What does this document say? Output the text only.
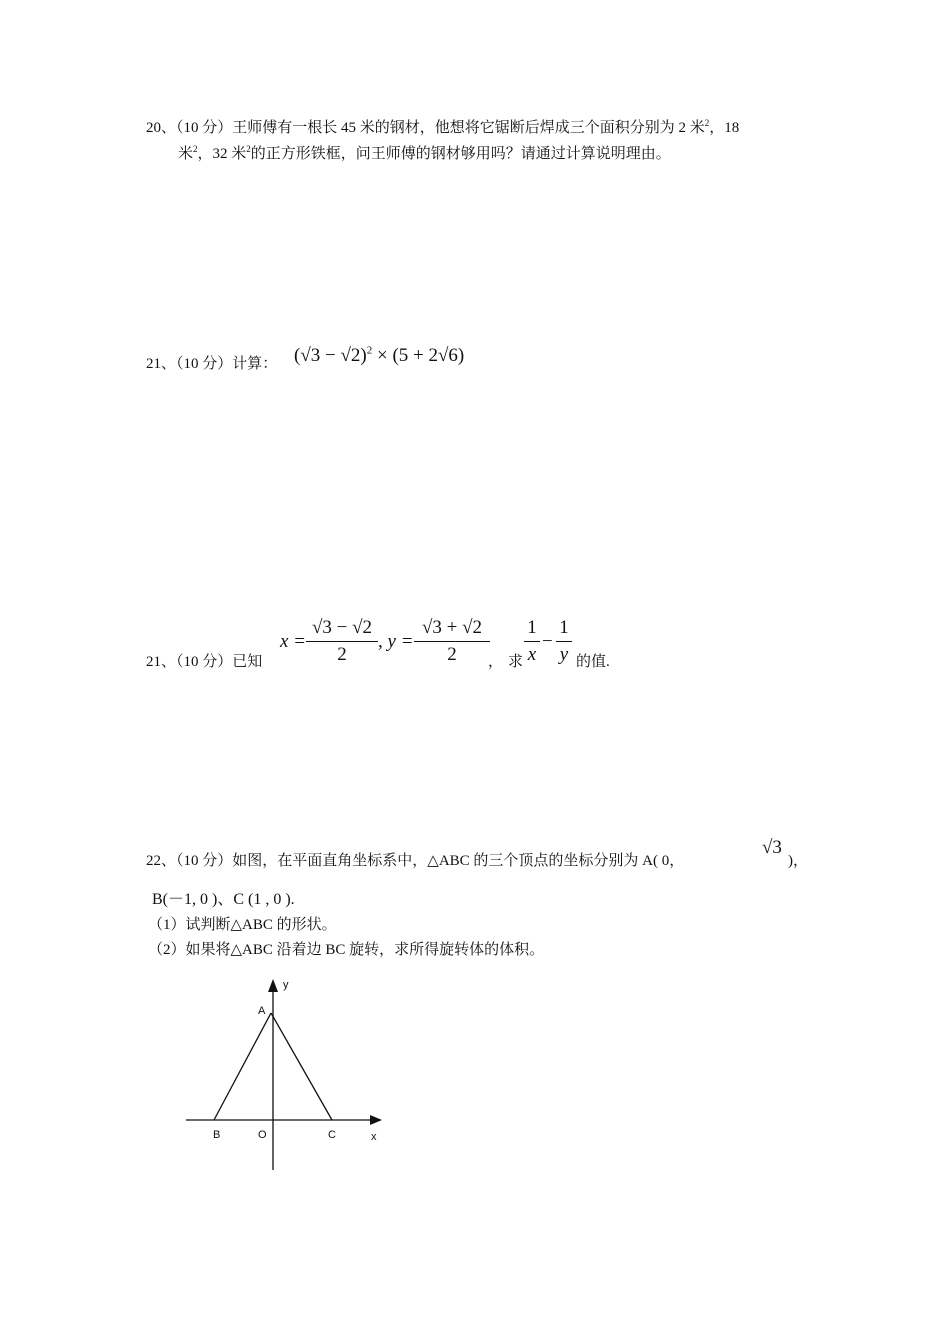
20、（10 分）王师傅有一根长 45 米的钢材，他想将它锯断后焊成三个面积分别为 2 米$^2$，18
米$^2$，32 米$^2$的正方形铁框，问王师傅的钢材够用吗？请通过计算说明理由。
21、（10 分）计算： $(√3 - √2)^2 \times (5 + 2√6)$
21、（10 分）已知
x =
√3 − √2
2
, y =
√3 + √2
2	， 求
1
x
−
1
y 的值.
22、（10 分）如图，在平面直角坐标系中，△ABC 的三个顶点的坐标分别为 A( 0，
√3
)，
B(－1, 0 )、C (1 , 0 ).
（1）试判断△ABC 的形状。
（2）如果将△ABC 沿着边 BC 旋转，求所得旋转体的体积。
y
A
B	O	C	x
